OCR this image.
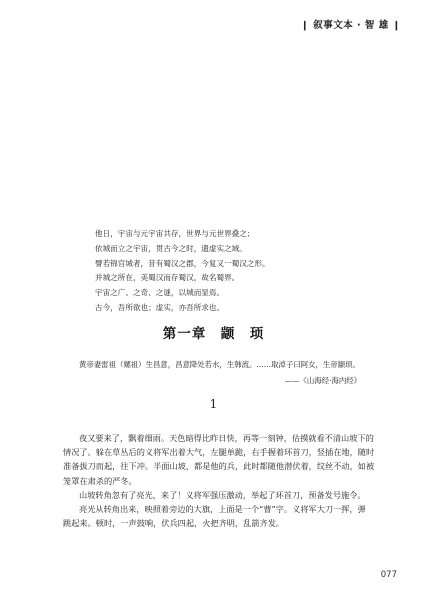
❙ 叙事文本 · 智 雄 ❙
他日，宇宙与元宇宙共存，世界与元世界叠之；
依城而立之宇宙，贯古今之时，遗虚实之域。
譬若锦官城者，昔有蜀汉之郡，今复又一蜀汉之形。
并城之所在，美蜀汉而存蜀汉，故名蜀界。
宇宙之广、之奇、之谜，以城而显焉。
古今，吾所欲也；虚实，亦吾所求也。
第一章　颛　顼
黄帝妻雷祖（嫘祖）生昌意，昌意降处若水，生韩流。……取淖子曰阿女，生帝颛顼。
——《山海经·海内经》
1
夜又要来了，飘着细雨。天色暗得比昨日快，再等一刻钟，估摸就看不清山坡下的
情况了。躲在草丛后的义将军出着大气，左腿单跪，右手握着环首刀，竖插在地，随时
准备拔刀而起，往下冲。半面山坡，都是他的兵，此时都随他潜伏着，纹丝不动，如被
笼罩在肃杀的严冬。
山坡转角忽有了亮光，来了！义将军强压激动，举起了环首刀，预备发号施令。
亮光从转角出来，映照着旁边的大旗，上面是一个“曹”字。义将军大刀一挥，弹
跳起来。顿时，一声鼓响，伏兵四起，火把齐明，乱箭齐发。
077
